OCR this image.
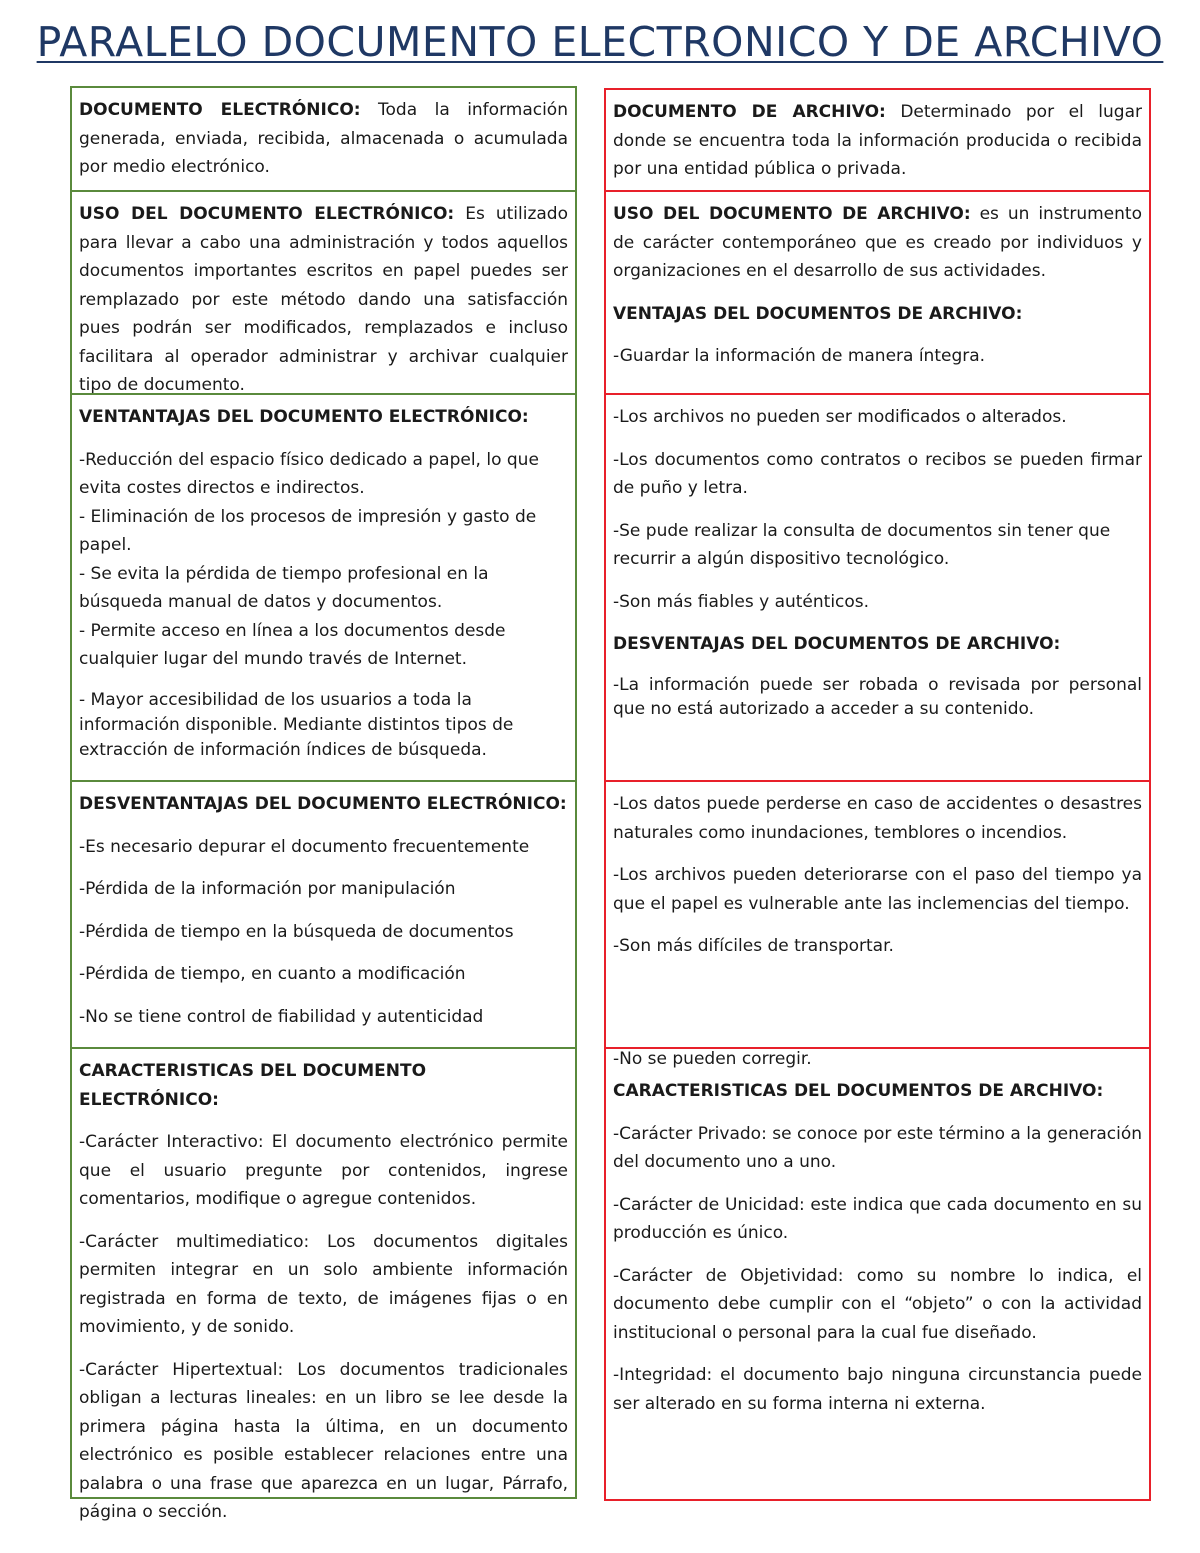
PARALELO DOCUMENTO ELECTRONICO Y DE ARCHIVO

DOCUMENTO ELECTRÓNICO: Toda la información generada, enviada, recibida, almacenada o acumulada por medio electrónico.

USO DEL DOCUMENTO ELECTRÓNICO: Es utilizado para llevar a cabo una administración y todos aquellos documentos importantes escritos en papel puedes ser remplazado por este método dando una satisfacción pues podrán ser modificados, remplazados e incluso facilitara al operador administrar y archivar cualquier tipo de documento.

VENTANTAJAS DEL DOCUMENTO ELECTRÓNICO:

-Reducción del espacio físico dedicado a papel, lo que evita costes directos e indirectos.

- Eliminación de los procesos de impresión y gasto de papel.

- Se evita la pérdida de tiempo profesional en la búsqueda manual de datos y documentos.

- Permite acceso en línea a los documentos desde cualquier lugar del mundo través de Internet.

- Mayor accesibilidad de los usuarios a toda la información disponible. Mediante distintos tipos de extracción de información índices de búsqueda.

DESVENTANTAJAS DEL DOCUMENTO ELECTRÓNICO:

-Es necesario depurar el documento frecuentemente

-Pérdida de la información por manipulación

-Pérdida de tiempo en la búsqueda de documentos

-Pérdida de tiempo, en cuanto a modificación

-No se tiene control de fiabilidad y autenticidad

CARACTERISTICAS DEL DOCUMENTO ELECTRÓNICO:

-Carácter Interactivo: El documento electrónico permite que el usuario pregunte por contenidos, ingrese comentarios, modifique o agregue contenidos.

-Carácter multimediatico: Los documentos digitales permiten integrar en un solo ambiente información registrada en forma de texto, de imágenes fijas o en movimiento, y de sonido.

-Carácter Hipertextual: Los documentos tradicionales obligan a lecturas lineales: en un libro se lee desde la primera página hasta la última, en un documento electrónico es posible establecer relaciones entre una palabra o una frase que aparezca en un lugar, Párrafo, página o sección.

DOCUMENTO DE ARCHIVO: Determinado por el lugar donde se encuentra toda la información producida o recibida por una entidad pública o privada.

USO DEL DOCUMENTO DE ARCHIVO: es un instrumento de carácter contemporáneo que es creado por individuos y organizaciones en el desarrollo de sus actividades.

VENTAJAS DEL DOCUMENTOS DE ARCHIVO:

-Guardar la información de manera íntegra.

-Los archivos no pueden ser modificados o alterados.

-Los documentos como contratos o recibos se pueden firmar de puño y letra.

-Se pude realizar la consulta de documentos sin tener que recurrir a algún dispositivo tecnológico.

-Son más fiables y auténticos.

DESVENTAJAS DEL DOCUMENTOS DE ARCHIVO:

-La información puede ser robada o revisada por personal que no está autorizado a acceder a su contenido.

-Los datos puede perderse en caso de accidentes o desastres naturales como inundaciones, temblores o incendios.

-Los archivos pueden deteriorarse con el paso del tiempo ya que el papel es vulnerable ante las inclemencias del tiempo.

-Son más difíciles de transportar.

-No se pueden corregir.

CARACTERISTICAS DEL DOCUMENTOS DE ARCHIVO:

-Carácter Privado: se conoce por este término a la generación del documento uno a uno.

-Carácter de Unicidad: este indica que cada documento en su producción es único.

-Carácter de Objetividad: como su nombre lo indica, el documento debe cumplir con el “objeto” o con la actividad institucional o personal para la cual fue diseñado.

-Integridad: el documento bajo ninguna circunstancia puede ser alterado en su forma interna ni externa.
